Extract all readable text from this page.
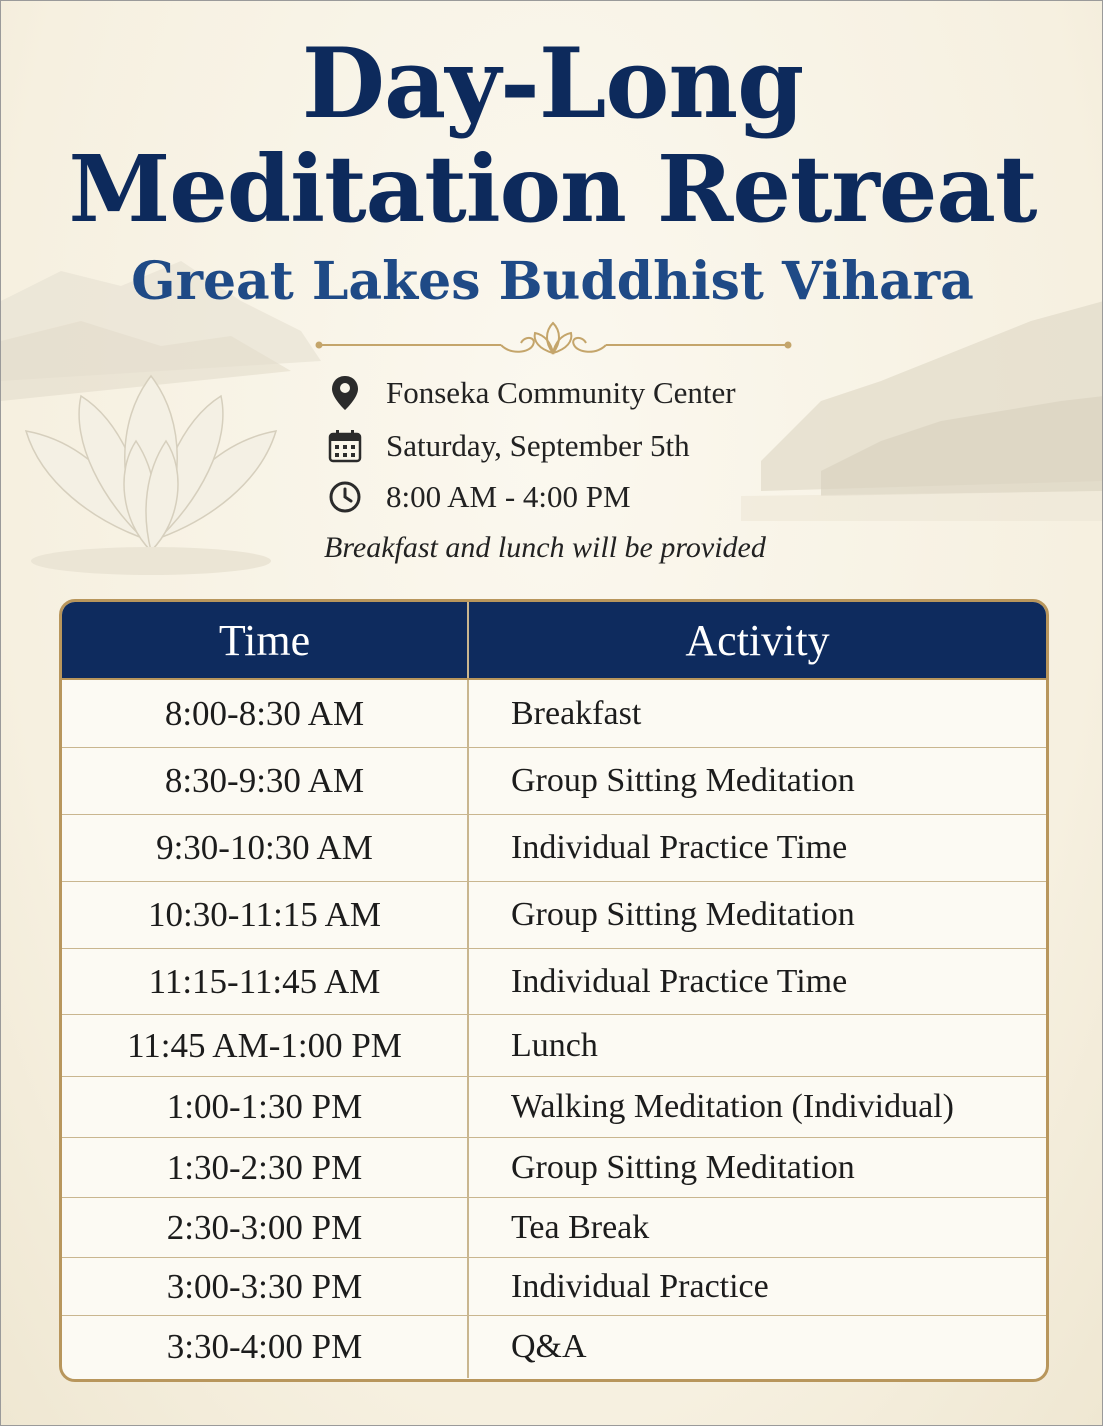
Day-Long
Meditation Retreat
Great Lakes Buddhist Vihara
Fonseka Community Center
Saturday, September 5th
8:00 AM - 4:00 PM
Breakfast and lunch will be provided
Time	Activity
8:00-8:30 AM	Breakfast
8:30-9:30 AM	Group Sitting Meditation
9:30-10:30 AM	Individual Practice Time
10:30-11:15 AM	Group Sitting Meditation
11:15-11:45 AM	Individual Practice Time
11:45 AM-1:00 PM	Lunch
1:00-1:30 PM	Walking Meditation (Individual)
1:30-2:30 PM	Group Sitting Meditation
2:30-3:00 PM	Tea Break
3:00-3:30 PM	Individual Practice
3:30-4:00 PM	Q&A
